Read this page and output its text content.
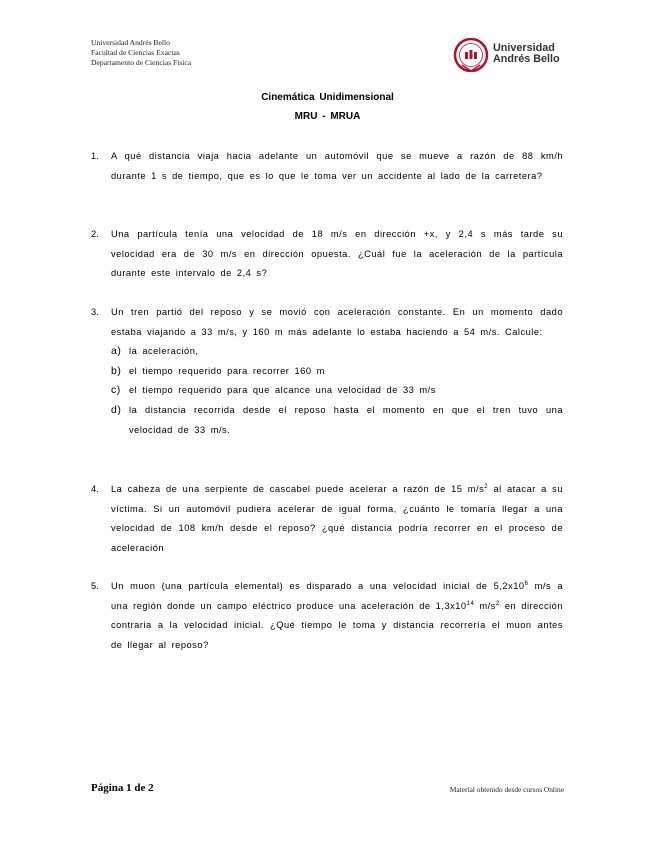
Universidad Andrés Bello
Facultad de Ciencias Exactas
Departamento de Ciencias Física
Universidad
Andrés Bello
Cinemática Unidimensional
MRU - MRUA
1. A qué distancia viaja hacia adelante un automóvil que se mueve a razón de 88 km/h durante 1 s de tiempo, que es lo que le toma ver un accidente al lado de la carretera?
2. Una partícula tenía una velocidad de 18 m/s en dirección +x, y 2,4 s más tarde su velocidad era de 30 m/s en dirección opuesta. ¿Cuál fue la aceleración de la partícula durante este intervalo de 2,4 s?
3. Un tren partió del reposo y se movió con aceleración constante. En un momento dado estaba viajando a 33 m/s, y 160 m más adelante lo estaba haciendo a 54 m/s. Calcule:
a) la aceleración,
b) el tiempo requerido para recorrer 160 m
c) el tiempo requerido para que alcance una velocidad de 33 m/s
d) la distancia recorrida desde el reposo hasta el momento en que el tren tuvo una velocidad de 33 m/s.
4. La cabeza de una serpiente de cascabel puede acelerar a razón de 15 $m/s^2$ al atacar a su víctima. Si un automóvil pudiera acelerar de igual forma, ¿cuánto le tomaría llegar a una velocidad de 108 km/h desde el reposo? ¿qué distancia podría recorrer en el proceso de aceleración
5. Un muon (una partícula elemental) es disparado a una velocidad inicial de $5,2x10^6$ m/s a una región donde un campo eléctrico produce una aceleración de $1,3x10^{14}$ $m/s^2$ en dirección contraria a la velocidad inicial. ¿Qué tiempo le toma y distancia recorrería el muon antes de llegar al reposo?
Página 1 de 2	Material obtenido desde cursos Online
